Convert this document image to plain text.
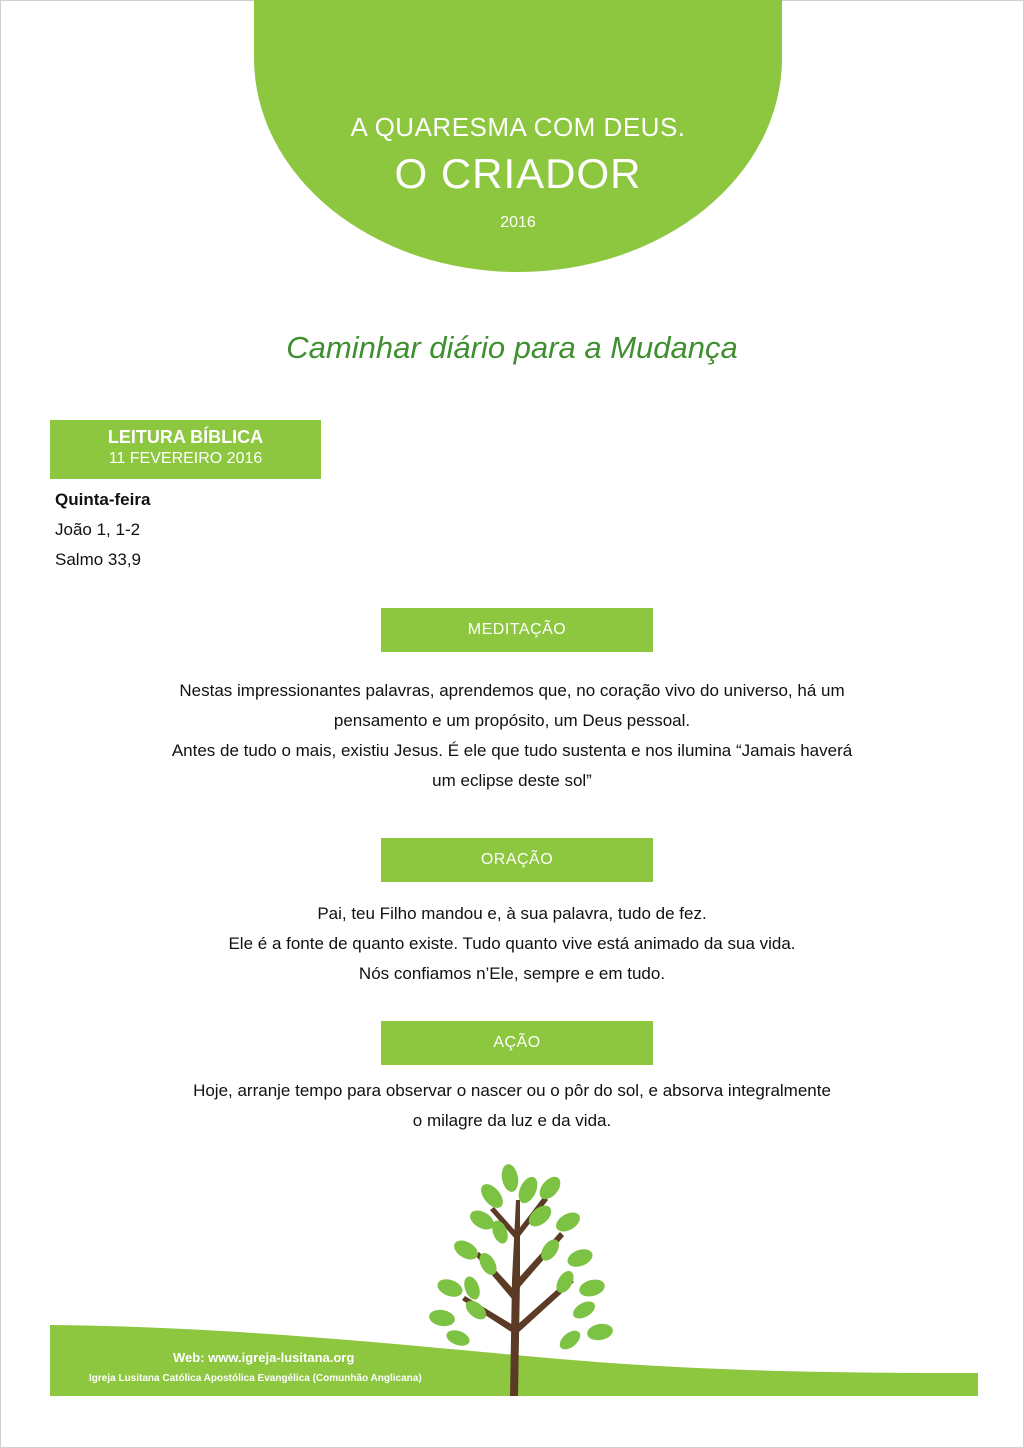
A QUARESMA COM DEUS.
O CRIADOR
2016
Caminhar diário para a Mudança
LEITURA BÍBLICA
11 FEVEREIRO 2016
Quinta-feira
João 1, 1-2
Salmo 33,9
MEDITAÇÃO

Nestas impressionantes palavras, aprendemos que, no coração vivo do universo, há um

pensamento e um propósito, um Deus pessoal.

Antes de tudo o mais, existiu Jesus. É ele que tudo sustenta e nos ilumina “Jamais haverá

um eclipse deste sol”

ORAÇÃO

Pai, teu Filho mandou e, à sua palavra, tudo de fez.

Ele é a fonte de quanto existe. Tudo quanto vive está animado da sua vida.

Nós confiamos n’Ele, sempre e em tudo.

AÇÃO

Hoje, arranje tempo para observar o nascer ou o pôr do sol, e absorva integralmente

o milagre da luz e da vida.

Web: www.igreja-lusitana.org
Igreja Lusitana Católica Apostólica Evangélica (Comunhão Anglicana)
